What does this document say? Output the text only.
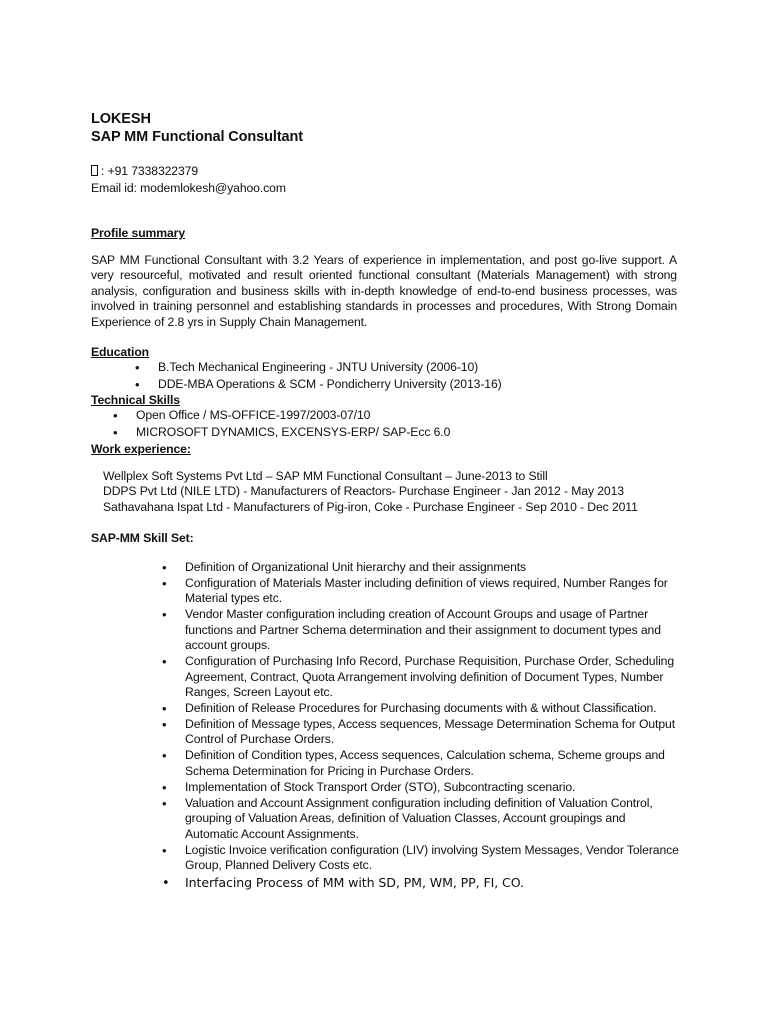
LOKESH
SAP MM Functional Consultant
: +91 7338322379
Email id: modemlokesh@yahoo.com
Profile summary

SAP MM Functional Consultant with 3.2 Years of experience in implementation, and post go-live support. A very resourceful, motivated and result oriented functional consultant (Materials Management) with strong analysis, configuration and business skills with in-depth knowledge of end-to-end business processes, was involved in training personnel and establishing standards in processes and procedures, With Strong Domain Experience of 2.8 yrs in Supply Chain Management.

Education
• B.Tech Mechanical Engineering - JNTU University (2006-10)
• DDE-MBA Operations & SCM - Pondicherry University (2013-16)
Technical Skills
• Open Office / MS-OFFICE-1997/2003-07/10
• MICROSOFT DYNAMICS, EXCENSYS-ERP/ SAP-Ecc 6.0
Work experience:
Wellplex Soft Systems Pvt Ltd – SAP MM Functional Consultant – June-2013 to Still
DDPS Pvt Ltd (NILE LTD) - Manufacturers of Reactors- Purchase Engineer - Jan 2012 - May 2013
Sathavahana Ispat Ltd - Manufacturers of Pig-iron, Coke - Purchase Engineer - Sep 2010 - Dec 2011
SAP-MM Skill Set:
• Definition of Organizational Unit hierarchy and their assignments
• Configuration of Materials Master including definition of views required, Number Ranges for Material types etc.
• Vendor Master configuration including creation of Account Groups and usage of Partner functions and Partner Schema determination and their assignment to document types and account groups.
• Configuration of Purchasing Info Record, Purchase Requisition, Purchase Order, Scheduling Agreement, Contract, Quota Arrangement involving definition of Document Types, Number Ranges, Screen Layout etc.
• Definition of Release Procedures for Purchasing documents with & without Classification.
• Definition of Message types, Access sequences, Message Determination Schema for Output Control of Purchase Orders.
• Definition of Condition types, Access sequences, Calculation schema, Scheme groups and Schema Determination for Pricing in Purchase Orders.
• Implementation of Stock Transport Order (STO), Subcontracting scenario.
• Valuation and Account Assignment configuration including definition of Valuation Control, grouping of Valuation Areas, definition of Valuation Classes, Account groupings and Automatic Account Assignments.
• Logistic Invoice verification configuration (LIV) involving System Messages, Vendor Tolerance Group, Planned Delivery Costs etc.
• Interfacing Process of MM with SD, PM, WM, PP, FI, CO.
